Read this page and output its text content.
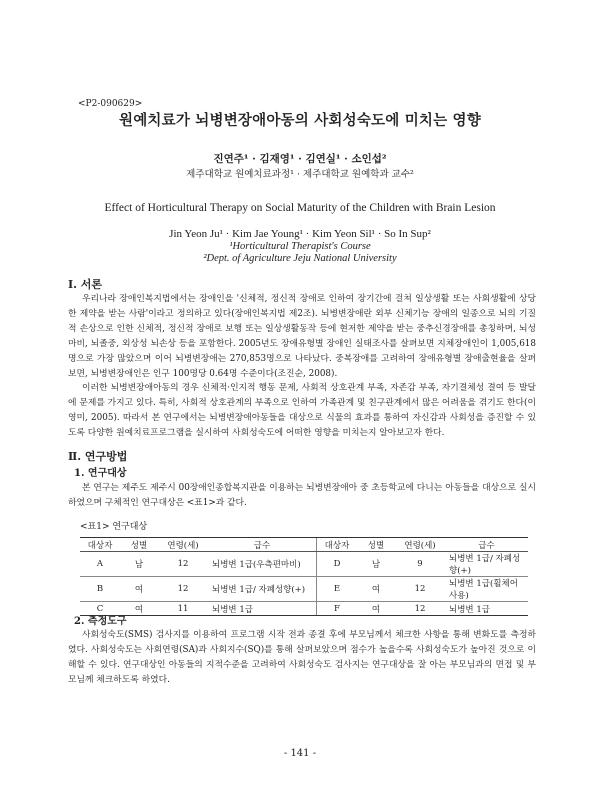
<P2-090629>
원예치료가 뇌병변장애아동의 사회성숙도에 미치는 영향
진연주¹ · 김재영¹ · 김연실¹ · 소인섭²
제주대학교 원예치료과정¹ · 제주대학교 원예학과 교수²
Effect of Horticultural Therapy on Social Maturity of the Children with Brain Lesion
Jin Yeon Ju¹ · Kim Jae Young¹ · Kim Yeon Sil¹ · So In Sup²
¹Horticultural Therapist's Course
²Dept. of Agriculture Jeju National University
Ⅰ. 서론
우리나라 장애인복지법에서는 장애인을 '신체적, 정신적 장애로 인하여 장기간에 걸쳐 일상생활 또는 사회생활에 상당한 제약을 받는 사람'이라고 정의하고 있다(장애인복지법 제2조). 뇌병변장애란 외부 신체기능 장애의 일종으로 뇌의 기질적 손상으로 인한 신체적, 정신적 장애로 보행 또는 일상생활동작 등에 현저한 제약을 받는 중추신경장애를 총칭하며, 뇌성마비, 뇌졸중, 외상성 뇌손상 등을 포함한다. 2005년도 장애유형별 장애인 실태조사를 살펴보면 지체장애인이 1,005,618명으로 가장 많았으며 이어 뇌병변장애는 270,853명으로 나타났다. 중복장애를 고려하여 장애유형별 장애출현율을 살펴보면, 뇌병변장애인은 인구 100명당 0.64명 수준이다(조진순, 2008).
이러한 뇌병변장애아동의 경우 신체적·인지적 행동 문제, 사회적 상호관계 부족, 자존감 부족, 자기결체성 결여 등 발달에 문제를 가지고 있다. 특히, 사회적 상호관계의 부족으로 인하여 가족관계 및 친구관계에서 많은 어려움을 겪기도 한다(이영미, 2005). 따라서 본 연구에서는 뇌병변장애아동들을 대상으로 식물의 효과를 통하여 자신감과 사회성을 증진할 수 있도록 다양한 원예치료프로그램을 실시하여 사회성숙도에 어떠한 영향을 미치는지 알아보고자 한다.
Ⅱ. 연구방법
1. 연구대상
본 연구는 제주도 제주시 00장애인종합복지관을 이용하는 뇌병변장애아 중 초등학교에 다니는 아동들을 대상으로 실시하였으며 구체적인 연구대상은 <표1>과 같다.
<표1> 연구대상
대상자	성별	연령(세)	급수	대상자	성별	연령(세)	급수
A	남	12	뇌병변 1급(우측편마비)	D	남	9	뇌병변 1급/ 자폐성향(+)
B	여	12	뇌병변 1급/ 자폐성향(+)	E	여	12	뇌병변 1급(휠체어 사용)
C	여	11	뇌병변 1급	F	여	12	뇌병변 1급
2. 측정도구
사회성숙도(SMS) 검사지를 이용하여 프로그램 시작 전과 종결 후에 부모님께서 체크한 사항을 통해 변화도를 측정하였다. 사회성숙도는 사회연령(SA)과 사회지수(SQ)를 통해 살펴보았으며 점수가 높을수록 사회성숙도가 높아진 것으로 이해할 수 있다. 연구대상인 아동들의 지적수준을 고려하여 사회성숙도 검사지는 연구대상을 잘 아는 부모님과의 면접 및 부모님께 체크하도록 하였다.
- 141 -
